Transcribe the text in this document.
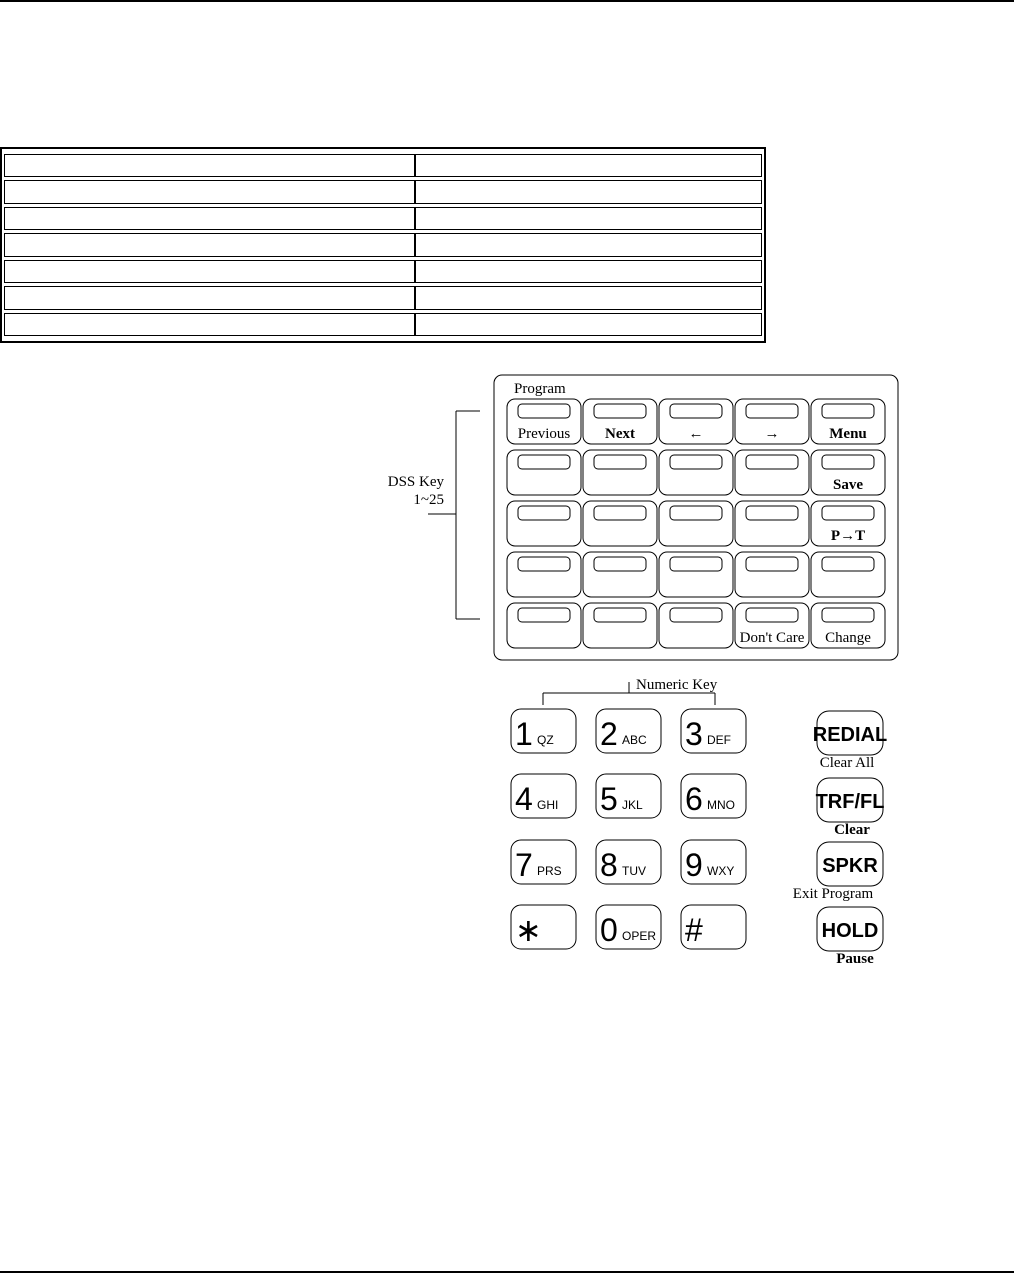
Program
DSS Key
1~25
Previous Next	←	→	Menu
Save
P→T
Don't Care Change
Numeric Key
1 QZ 2 ABC 3 DEF
4 GHI 5 JKL 6 MNO
7 PRS 8 TUV 9 WXY
∗ 0 OPER #
REDIAL
Clear All
TRF/FL
Clear
SPKR
Exit Program
HOLD
Pause
